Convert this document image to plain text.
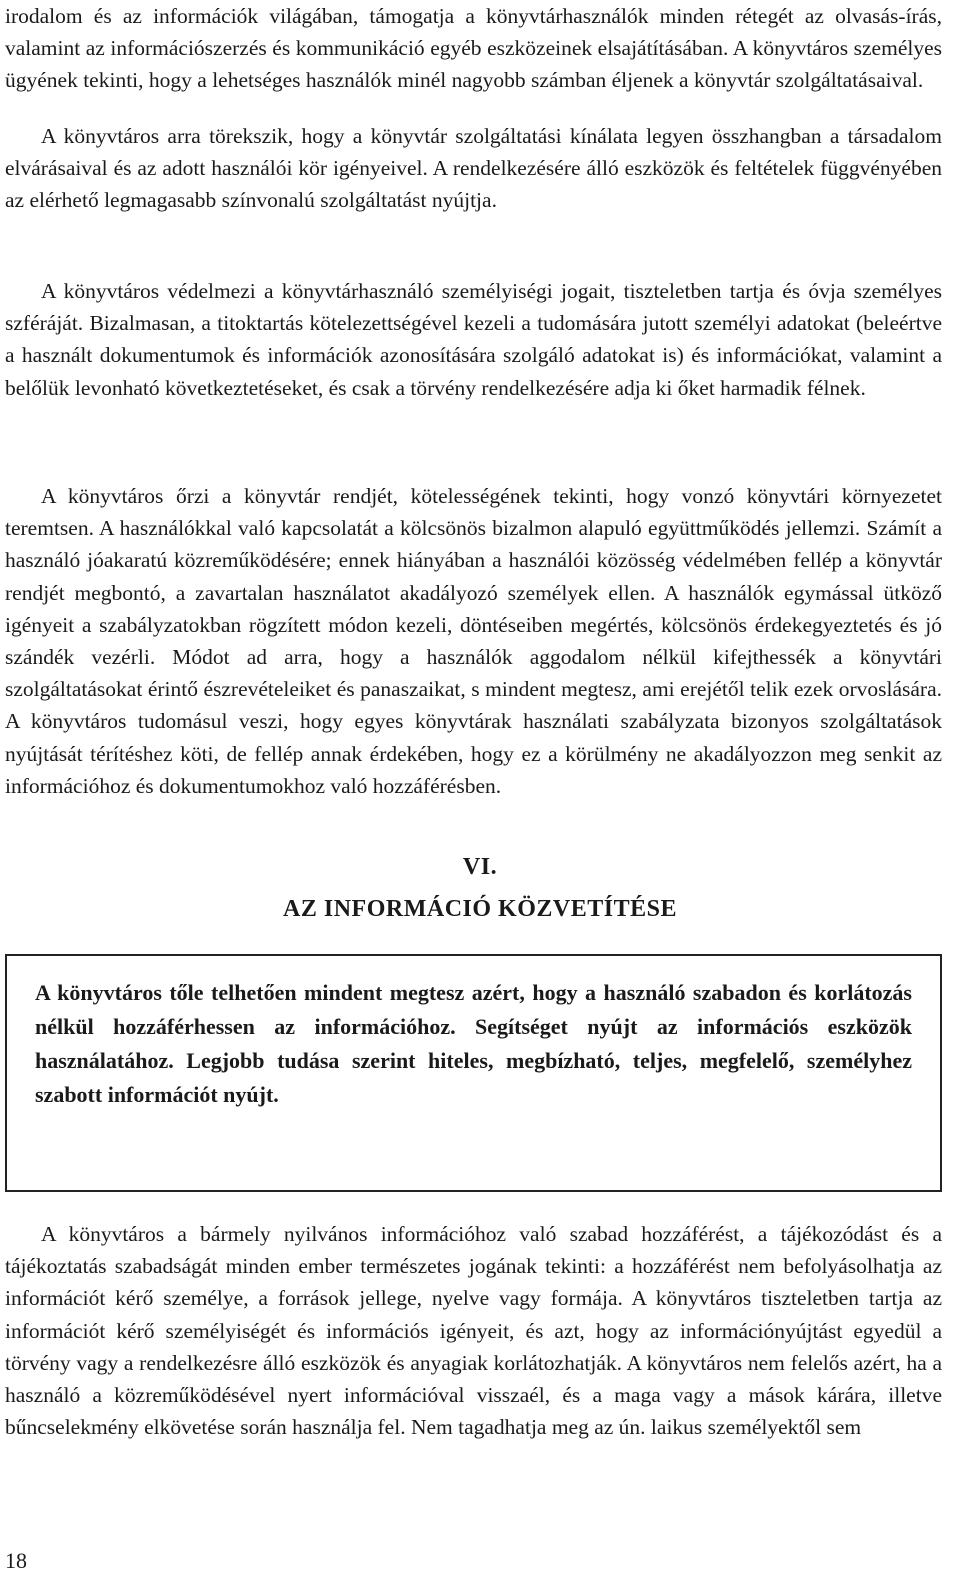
irodalom és az információk világában, támogatja a könyvtárhasználók minden rétegét az olvasás-írás, valamint az információszerzés és kommunikáció egyéb eszközeinek elsajátításában. A könyvtáros személyes ügyének tekinti, hogy a lehetséges használók minél nagyobb számban éljenek a könyvtár szolgáltatásaival.

A könyvtáros arra törekszik, hogy a könyvtár szolgáltatási kínálata legyen összhangban a társadalom elvárásaival és az adott használói kör igényeivel. A rendelkezésére álló eszközök és feltételek függvényében az elérhető legmagasabb színvonalú szolgáltatást nyújtja.

A könyvtáros védelmezi a könyvtárhasználó személyiségi jogait, tiszteletben tartja és óvja személyes szféráját. Bizalmasan, a titoktartás kötelezettségével kezeli a tudomására jutott személyi adatokat (beleértve a használt dokumentumok és információk azonosítására szolgáló adatokat is) és információkat, valamint a belőlük levonható következtetéseket, és csak a törvény rendelkezésére adja ki őket harmadik félnek.

A könyvtáros őrzi a könyvtár rendjét, kötelességének tekinti, hogy vonzó könyvtári környezetet teremtsen. A használókkal való kapcsolatát a kölcsönös bizalmon alapuló együttműködés jellemzi. Számít a használó jóakaratú közreműködésére; ennek hiányában a használói közösség védelmében fellép a könyvtár rendjét megbontó, a zavartalan használatot akadályozó személyek ellen. A használók egymással ütköző igényeit a szabályzatokban rögzített módon kezeli, döntéseiben megértés, kölcsönös érdekegyeztetés és jó szándék vezérli. Módot ad arra, hogy a használók aggodalom nélkül kifejthessék a könyvtári szolgáltatásokat érintő észrevételeiket és panaszaikat, s mindent megtesz, ami erejétől telik ezek orvoslására. A könyvtáros tudomásul veszi, hogy egyes könyvtárak használati szabályzata bizonyos szolgáltatások nyújtását térítéshez köti, de fellép annak érdekében, hogy ez a körülmény ne akadályozzon meg senkit az információhoz és dokumentumokhoz való hozzáférésben.

VI.
AZ INFORMÁCIÓ KÖZVETÍTÉSE

A könyvtáros tőle telhetően mindent megtesz azért, hogy a használó szabadon és korlátozás nélkül hozzáférhessen az információhoz. Segítséget nyújt az információs eszközök használatához. Legjobb tudása szerint hiteles, megbízható, teljes, megfelelő, személyhez szabott információt nyújt.

A könyvtáros a bármely nyilvános információhoz való szabad hozzáférést, a tájékozódást és a tájékoztatás szabadságát minden ember természetes jogának tekinti: a hozzáférést nem befolyásolhatja az információt kérő személye, a források jellege, nyelve vagy formája. A könyvtáros tiszteletben tartja az információt kérő személyiségét és információs igényeit, és azt, hogy az információnyújtást egyedül a törvény vagy a rendelkezésre álló eszközök és anyagiak korlátozhatják. A könyvtáros nem felelős azért, ha a használó a közreműködésével nyert információval visszaél, és a maga vagy a mások kárára, illetve bűncselekmény elkövetése során használja fel. Nem tagadhatja meg az ún. laikus személyektől sem

18
